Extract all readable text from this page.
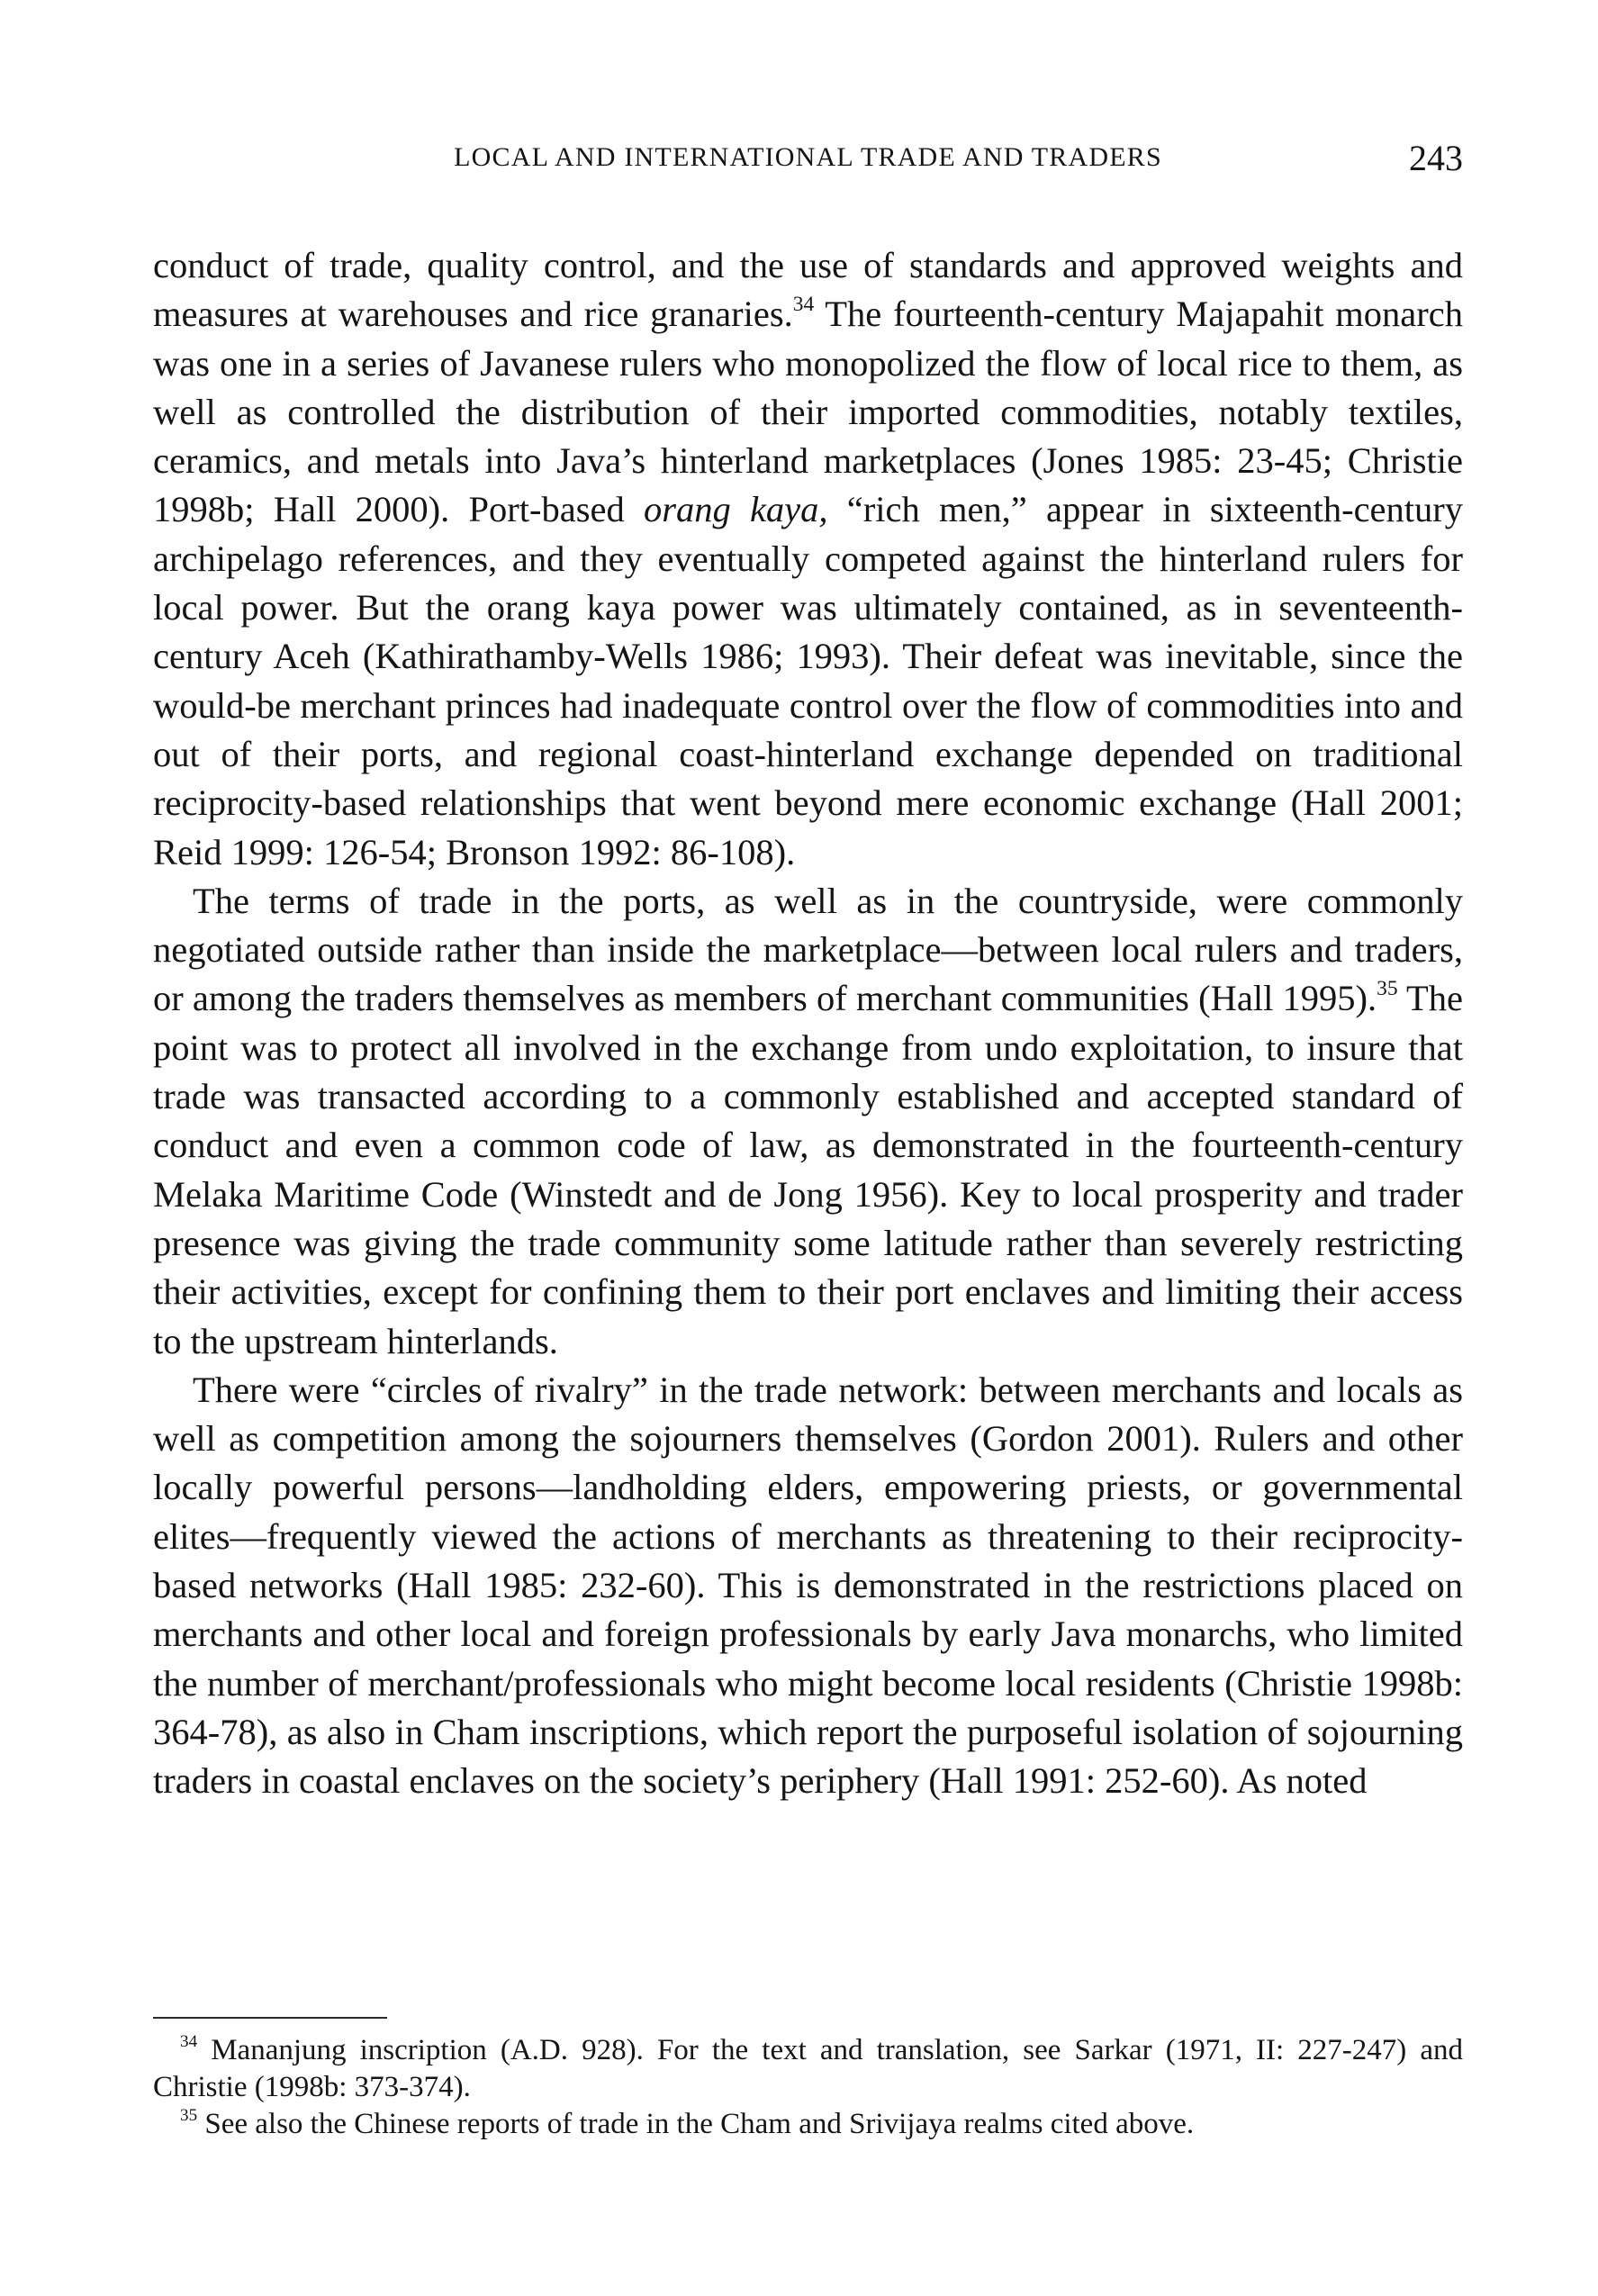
LOCAL AND INTERNATIONAL TRADE AND TRADERS	243

conduct of trade, quality control, and the use of standards and approved weights and measures at warehouses and rice granaries.$^{34}$ The fourteenth-century Majapahit monarch was one in a series of Javanese rulers who monopolized the flow of local rice to them, as well as controlled the distribution of their imported commodities, notably textiles, ceramics, and metals into Java’s hinterland marketplaces (Jones 1985: 23-45; Christie 1998b; Hall 2000). Port-based orang kaya, “rich men,” appear in sixteenth-century archipelago references, and they eventually competed against the hinterland rulers for local power. But the orang kaya power was ultimately contained, as in seventeenth-century Aceh (Kathirathamby-Wells 1986; 1993). Their defeat was inevitable, since the would-be merchant princes had inadequate control over the flow of commodities into and out of their ports, and regional coast-hinterland exchange depended on traditional reciprocity-based relationships that went beyond mere economic exchange (Hall 2001; Reid 1999: 126-54; Bronson 1992: 86-108).

The terms of trade in the ports, as well as in the countryside, were commonly negotiated outside rather than inside the marketplace—between local rulers and traders, or among the traders themselves as members of merchant communities (Hall 1995).$^{35}$ The point was to protect all involved in the exchange from undo exploitation, to insure that trade was transacted according to a commonly established and accepted standard of conduct and even a common code of law, as demonstrated in the fourteenth-century Melaka Maritime Code (Winstedt and de Jong 1956). Key to local prosperity and trader presence was giving the trade community some latitude rather than severely restricting their activities, except for confining them to their port enclaves and limiting their access to the upstream hinterlands.

There were “circles of rivalry” in the trade network: between merchants and locals as well as competition among the sojourners themselves (Gordon 2001). Rulers and other locally powerful persons—landholding elders, empowering priests, or governmental elites—frequently viewed the actions of merchants as threatening to their reciprocity-based networks (Hall 1985: 232-60). This is demonstrated in the restrictions placed on merchants and other local and foreign professionals by early Java monarchs, who limited the number of merchant/professionals who might become local residents (Christie 1998b: 364-78), as also in Cham inscriptions, which report the purposeful isolation of sojourning traders in coastal enclaves on the society’s periphery (Hall 1991: 252-60). As noted

$^{34}$ Mananjung inscription (A.D. 928). For the text and translation, see Sarkar (1971, II: 227-247) and Christie (1998b: 373-374).

$^{35}$ See also the Chinese reports of trade in the Cham and Srivijaya realms cited above.
